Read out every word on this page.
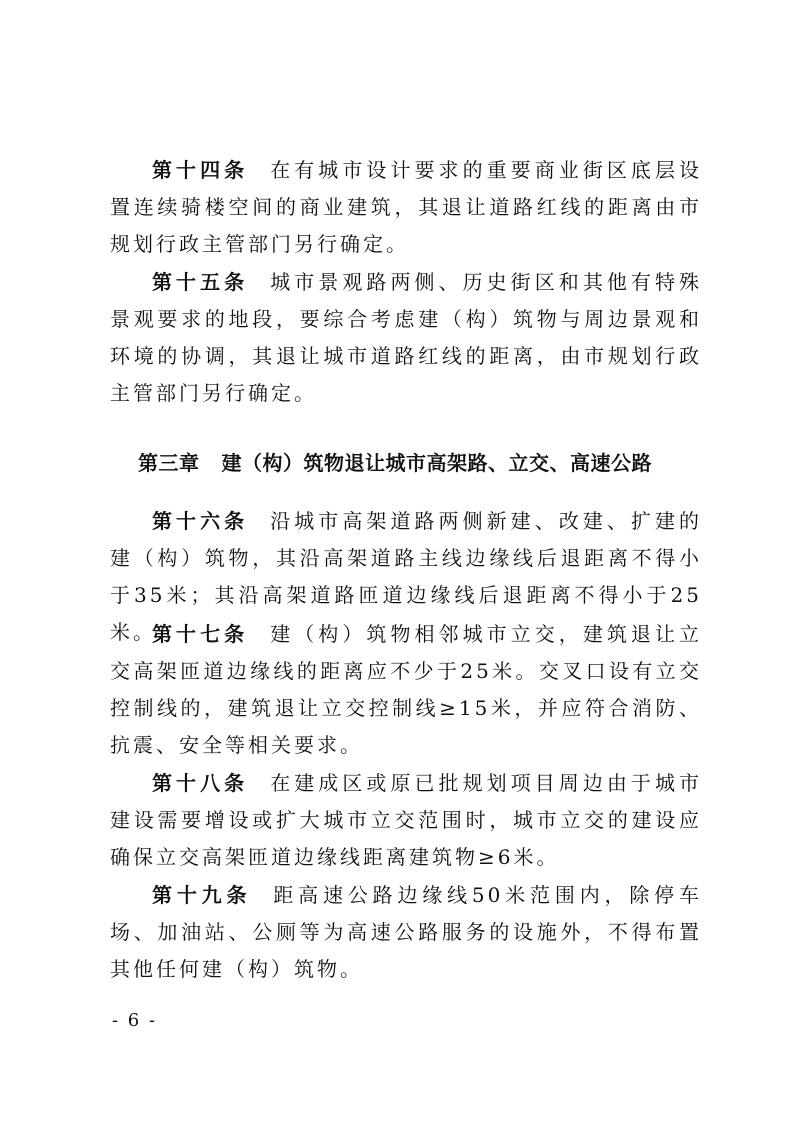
第十四条 在有城市设计要求的重要商业街区底层设置连续骑楼空间的商业建筑，其退让道路红线的距离由市规划行政主管部门另行确定。

第十五条 城市景观路两侧、历史街区和其他有特殊景观要求的地段，要综合考虑建（构）筑物与周边景观和环境的协调，其退让城市道路红线的距离，由市规划行政主管部门另行确定。

第三章 建（构）筑物退让城市高架路、立交、高速公路

第十六条 沿城市高架道路两侧新建、改建、扩建的建（构）筑物，其沿高架道路主线边缘线后退距离不得小于35米；其沿高架道路匝道边缘线后退距离不得小于25米。

第十七条 建（构）筑物相邻城市立交，建筑退让立交高架匝道边缘线的距离应不少于25米。交叉口设有立交控制线的，建筑退让立交控制线≥15米，并应符合消防、抗震、安全等相关要求。

第十八条 在建成区或原已批规划项目周边由于城市建设需要增设或扩大城市立交范围时，城市立交的建设应确保立交高架匝道边缘线距离建筑物≥6米。

第十九条 距高速公路边缘线50米范围内，除停车场、加油站、公厕等为高速公路服务的设施外，不得布置其他任何建（构）筑物。

- 6 -
